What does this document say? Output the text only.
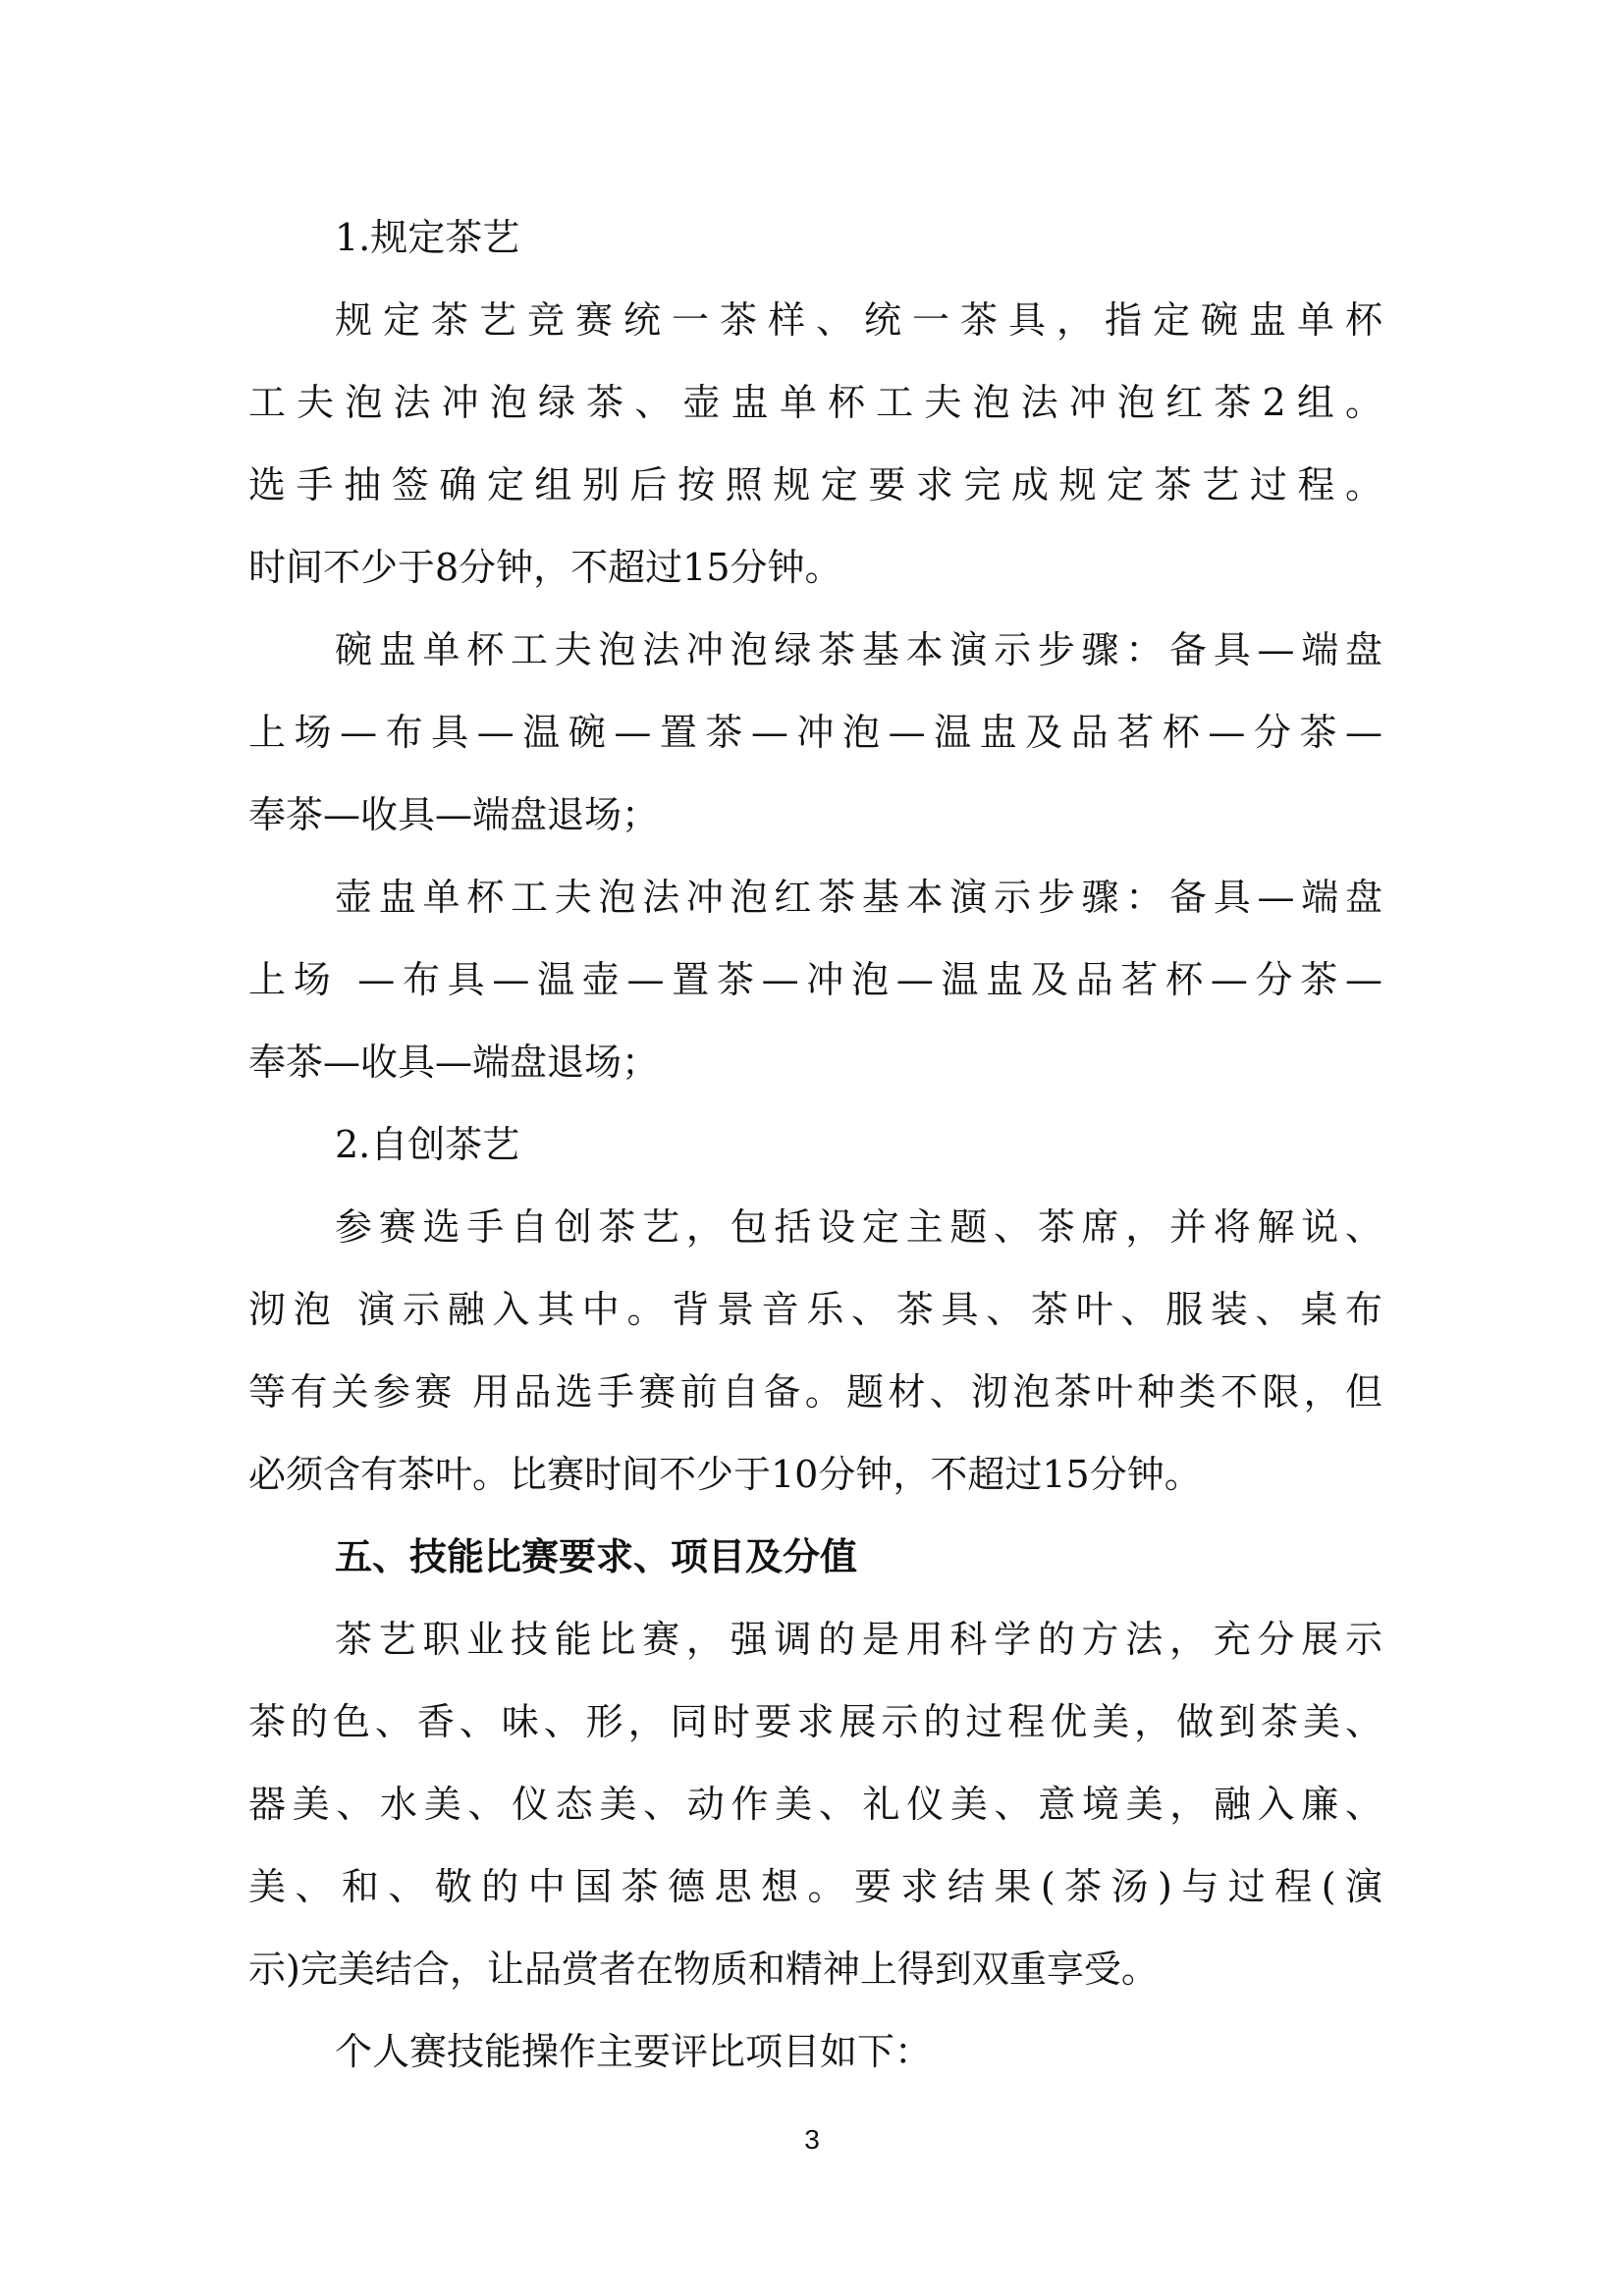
1.规定茶艺
规定茶艺竞赛统一茶样、统一茶具，指定碗盅单杯
工夫泡法冲泡绿茶、壶盅单杯工夫泡法冲泡红茶2组。
选手抽签确定组别后按照规定要求完成规定茶艺过程。
时间不少于8分钟，不超过15分钟。
碗盅单杯工夫泡法冲泡绿茶基本演示步骤：备具—端盘
上场—布具—温碗—置茶—冲泡—温盅及品茗杯—分茶—
奉茶—收具—端盘退场；
壶盅单杯工夫泡法冲泡红茶基本演示步骤：备具—端盘
上场 —布具—温壶—置茶—冲泡—温盅及品茗杯—分茶—
奉茶—收具—端盘退场；
2.自创茶艺
参赛选手自创茶艺，包括设定主题、茶席，并将解说、
沏泡 演示融入其中。背景音乐、茶具、茶叶、服装、桌布
等有关参赛 用品选手赛前自备。题材、沏泡茶叶种类不限，但
必须含有茶叶。比赛时间不少于10分钟，不超过15分钟。
五、技能比赛要求、项目及分值
茶艺职业技能比赛，强调的是用科学的方法，充分展示
茶的色、香、味、形，同时要求展示的过程优美，做到茶美、
器美、水美、仪态美、动作美、礼仪美、意境美，融入廉、
美、和、敬的中国茶德思想。要求结果(茶汤)与过程(演
示)完美结合，让品赏者在物质和精神上得到双重享受。
个人赛技能操作主要评比项目如下：
3
